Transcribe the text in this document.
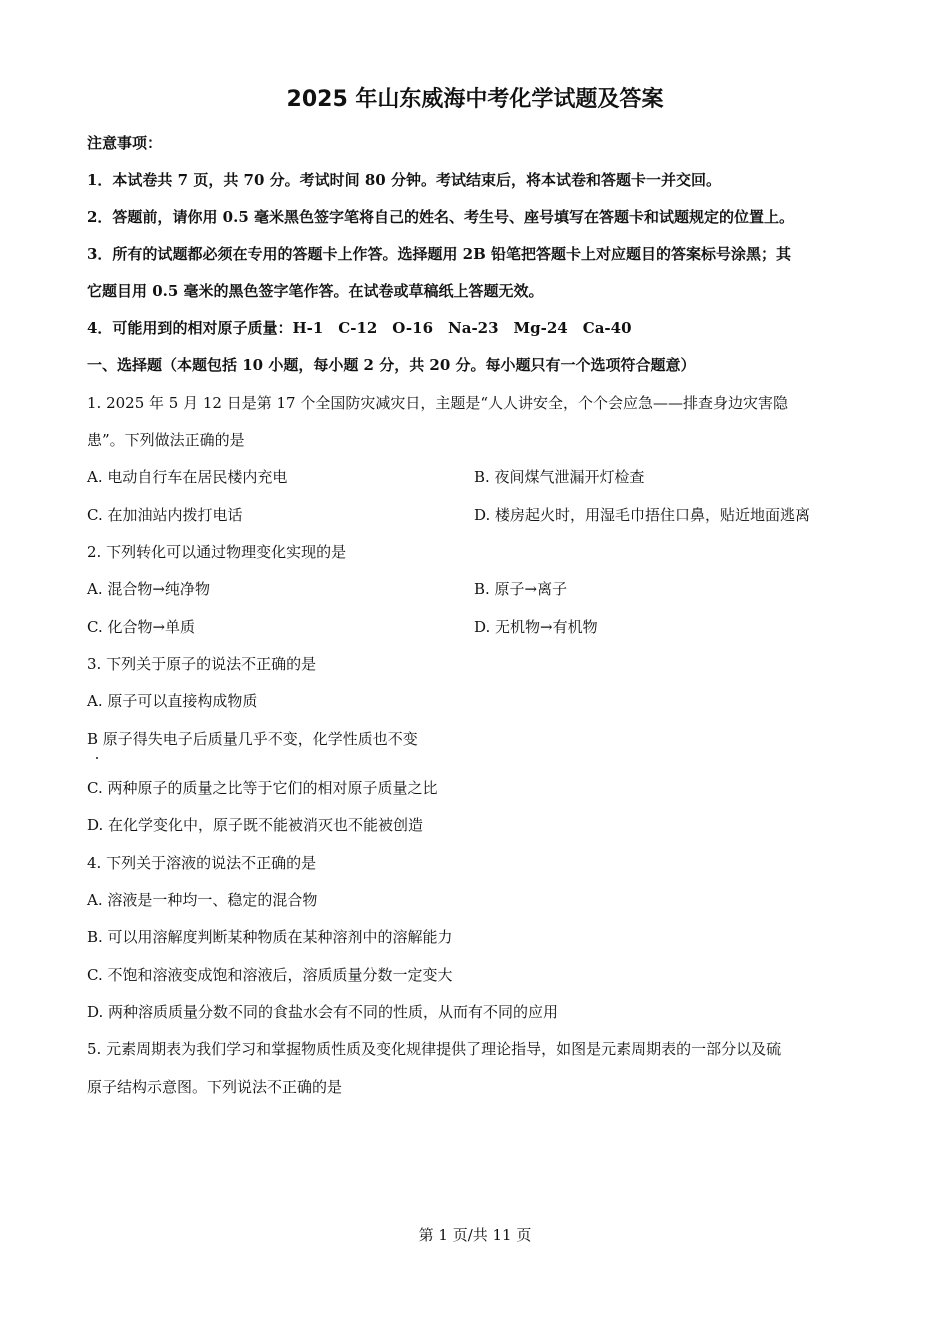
2025 年山东威海中考化学试题及答案
注意事项：
1．本试卷共 7 页，共 70 分。考试时间 80 分钟。考试结束后，将本试卷和答题卡一并交回。
2．答题前，请你用 0.5 毫米黑色签字笔将自己的姓名、考生号、座号填写在答题卡和试题规定的位置上。
3．所有的试题都必须在专用的答题卡上作答。选择题用 2B 铅笔把答题卡上对应题目的答案标号涂黑；其
它题目用 0.5 毫米的黑色签字笔作答。在试卷或草稿纸上答题无效。
4．可能用到的相对原子质量：H-1　C-12　O-16　Na-23　Mg-24　Ca-40
一、选择题（本题包括 10 小题，每小题 2 分，共 20 分。每小题只有一个选项符合题意）
1. 2025 年 5 月 12 日是第 17 个全国防灾减灾日，主题是“人人讲安全，个个会应急——排查身边灾害隐
患”。下列做法正确的是
A. 电动自行车在居民楼内充电	B. 夜间煤气泄漏开灯检查
C. 在加油站内拨打电话	D. 楼房起火时，用湿毛巾捂住口鼻，贴近地面逃离
2. 下列转化可以通过物理变化实现的是
A. 混合物→纯净物	B. 原子→离子
C. 化合物→单质	D. 无机物→有机物
3. 下列关于原子的说法不正确的是
A. 原子可以直接构成物质
B 原子得失电子后质量几乎不变，化学性质也不变
C. 两种原子的质量之比等于它们的相对原子质量之比
D. 在化学变化中，原子既不能被消灭也不能被创造
4. 下列关于溶液的说法不正确的是
A. 溶液是一种均一、稳定的混合物
B. 可以用溶解度判断某种物质在某种溶剂中的溶解能力
C. 不饱和溶液变成饱和溶液后，溶质质量分数一定变大
D. 两种溶质质量分数不同的食盐水会有不同的性质，从而有不同的应用
5. 元素周期表为我们学习和掌握物质性质及变化规律提供了理论指导，如图是元素周期表的一部分以及硫
原子结构示意图。下列说法不正确的是
第 1 页/共 11 页
